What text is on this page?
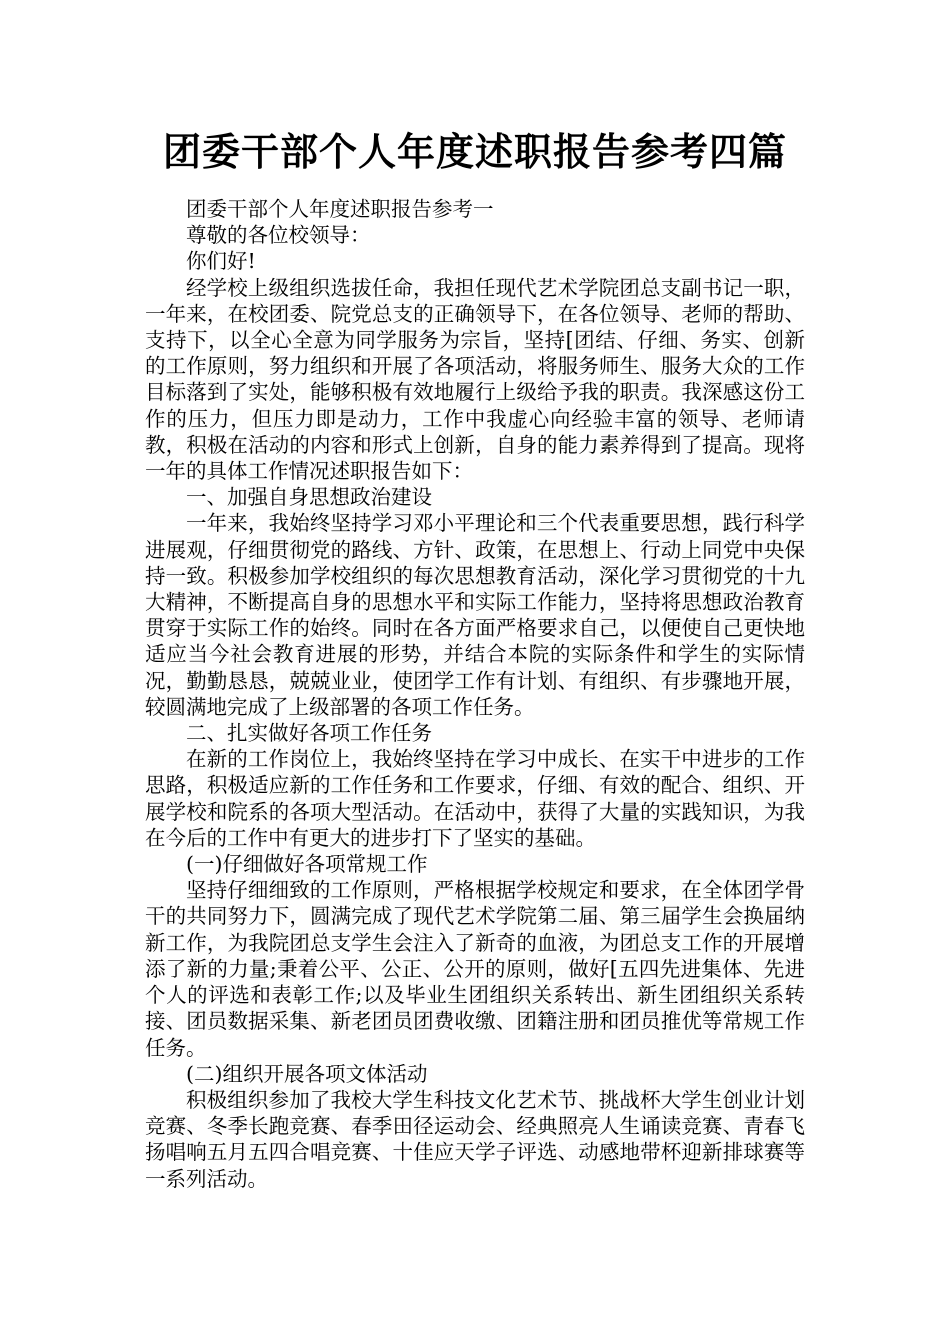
团委干部个人年度述职报告参考四篇

团委干部个人年度述职报告参考一

尊敬的各位校领导：

你们好!

经学校上级组织选拔任命，我担任现代艺术学院团总支副书记一职，一年来，在校团委、院党总支的正确领导下，在各位领导、老师的帮助、支持下，以全心全意为同学服务为宗旨，坚持[团结、仔细、务实、创新的工作原则，努力组织和开展了各项活动，将服务师生、服务大众的工作目标落到了实处，能够积极有效地履行上级给予我的职责。我深感这份工作的压力，但压力即是动力，工作中我虚心向经验丰富的领导、老师请教，积极在活动的内容和形式上创新，自身的能力素养得到了提高。现将一年的具体工作情况述职报告如下：

一、加强自身思想政治建设

一年来，我始终坚持学习邓小平理论和三个代表重要思想，践行科学进展观，仔细贯彻党的路线、方针、政策，在思想上、行动上同党中央保持一致。积极参加学校组织的每次思想教育活动，深化学习贯彻党的十九大精神，不断提高自身的思想水平和实际工作能力，坚持将思想政治教育贯穿于实际工作的始终。同时在各方面严格要求自己，以便使自己更快地适应当今社会教育进展的形势，并结合本院的实际条件和学生的实际情况，勤勤恳恳，兢兢业业，使团学工作有计划、有组织、有步骤地开展，较圆满地完成了上级部署的各项工作任务。

二、扎实做好各项工作任务

在新的工作岗位上，我始终坚持在学习中成长、在实干中进步的工作思路，积极适应新的工作任务和工作要求，仔细、有效的配合、组织、开展学校和院系的各项大型活动。在活动中，获得了大量的实践知识，为我在今后的工作中有更大的进步打下了坚实的基础。

(一)仔细做好各项常规工作

坚持仔细细致的工作原则，严格根据学校规定和要求，在全体团学骨干的共同努力下，圆满完成了现代艺术学院第二届、第三届学生会换届纳新工作，为我院团总支学生会注入了新奇的血液，为团总支工作的开展增添了新的力量;秉着公平、公正、公开的原则，做好[五四先进集体、先进个人的评选和表彰工作;以及毕业生团组织关系转出、新生团组织关系转接、团员数据采集、新老团员团费收缴、团籍注册和团员推优等常规工作任务。

(二)组织开展各项文体活动

积极组织参加了我校大学生科技文化艺术节、挑战杯大学生创业计划竞赛、冬季长跑竞赛、春季田径运动会、经典照亮人生诵读竞赛、青春飞扬唱响五月五四合唱竞赛、十佳应天学子评选、动感地带杯迎新排球赛等一系列活动。
